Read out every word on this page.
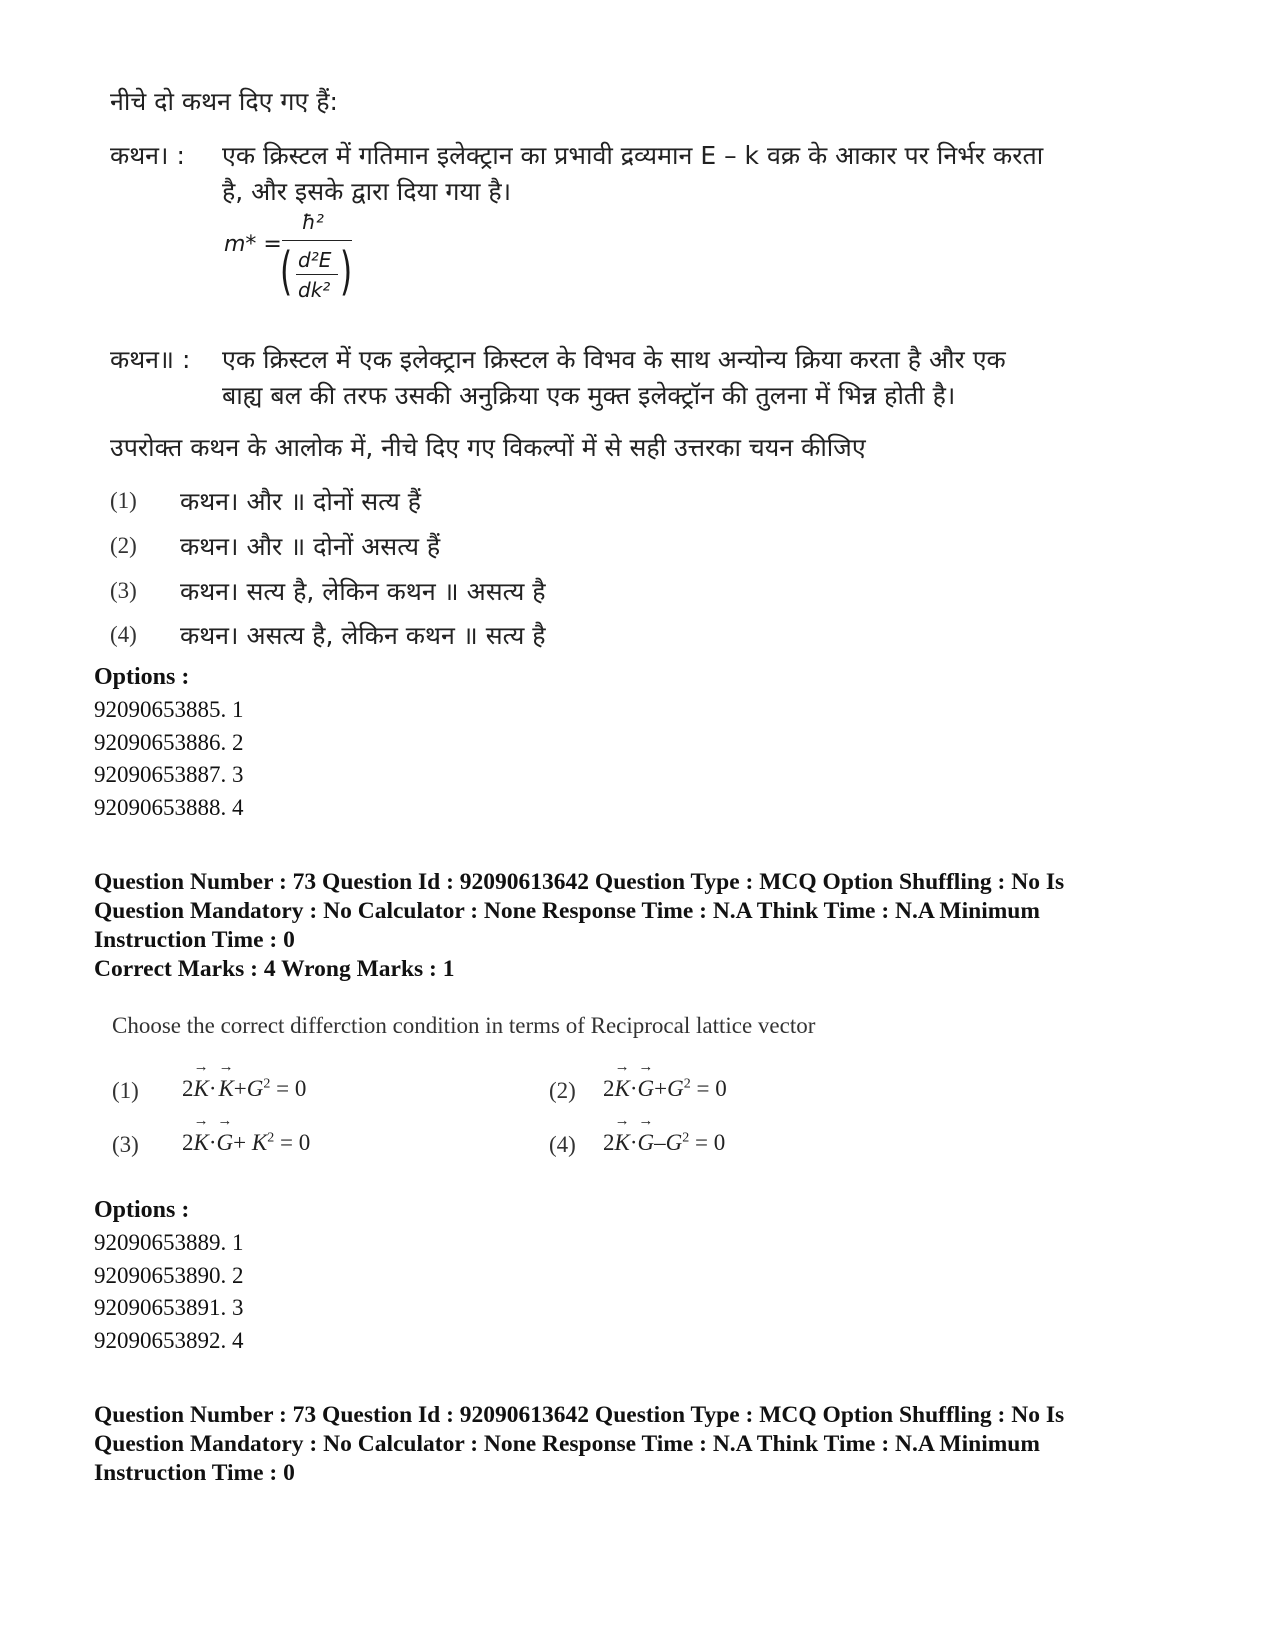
नीचे दो कथन दिए गए हैं:
कथन। : एक क्रिस्टल में गतिमान इलेक्ट्रान का प्रभावी द्रव्यमान E – k वक्र के आकार पर निर्भर करता
है, और इसके द्वारा दिया गया है।
m* =
ħ²
( d²E
dk² )
कथन॥ : एक क्रिस्टल में एक इलेक्ट्रान क्रिस्टल के विभव के साथ अन्योन्य क्रिया करता है और एक
बाह्य बल की तरफ उसकी अनुक्रिया एक मुक्त इलेक्ट्रॉन की तुलना में भिन्न होती है।
उपरोक्त कथन के आलोक में, नीचे दिए गए विकल्पों में से सही उत्तरका चयन कीजिए
(1) कथन। और ॥ दोनों सत्य हैं
(2) कथन। और ॥ दोनों असत्य हैं
(3) कथन। सत्य है, लेकिन कथन ॥ असत्य है
(4) कथन। असत्य है, लेकिन कथन ॥ सत्य है
Options :
92090653885. 1
92090653886. 2
92090653887. 3
92090653888. 4
Question Number : 73 Question Id : 92090613642 Question Type : MCQ Option Shuffling : No Is
Question Mandatory : No Calculator : None Response Time : N.A Think Time : N.A Minimum
Instruction Time : 0
Correct Marks : 4 Wrong Marks : 1
Choose the correct differction condition in terms of Reciprocal lattice vector
(1) 2→ K· → $K+G^2 = 0$	(2) $2\to K\cdot\to G+G^2 = 0$
(3) $2\to K\cdot\to G+ K^2 = 0$	(4) $2\to K\cdot\to G-G^2 = 0$
Options :
92090653889. 1
92090653890. 2
92090653891. 3
92090653892. 4
Question Number : 73 Question Id : 92090613642 Question Type : MCQ Option Shuffling : No Is
Question Mandatory : No Calculator : None Response Time : N.A Think Time : N.A Minimum
Instruction Time : 0
